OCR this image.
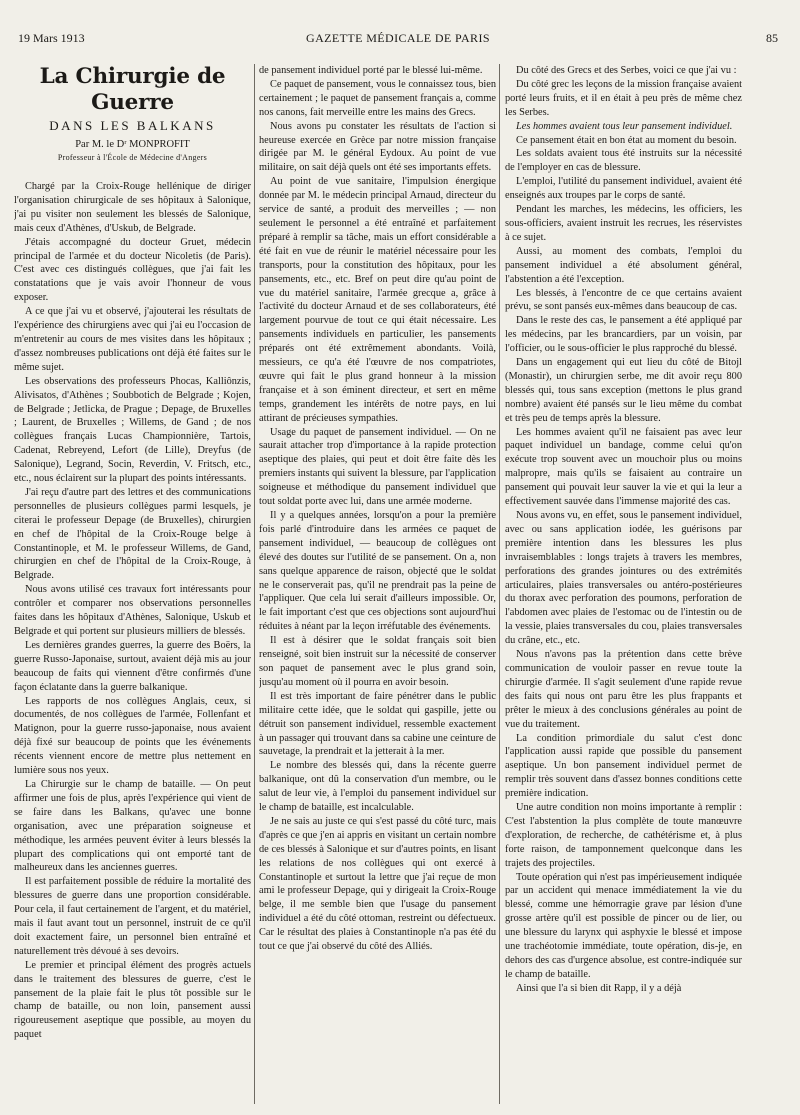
19 Mars 1913	GAZETTE MÉDICALE DE PARIS	85
La Chirurgie de Guerre
DANS LES BALKANS
Par M. le Dʳ MONPROFIT
Professeur à l'École de Médecine d'Angers

Chargé par la Croix-Rouge hellénique de diriger l'organisation chirurgicale de ses hôpitaux à Salonique, j'ai pu visiter non seulement les blessés de Salonique, mais ceux d'Athènes, d'Uskub, de Belgrade.

J'étais accompagné du docteur Gruet, médecin principal de l'armée et du docteur Nicoletis (de Paris). C'est avec ces distingués collègues, que j'ai fait les constatations que je vais avoir l'honneur de vous exposer.

A ce que j'ai vu et observé, j'ajouterai les résultats de l'expérience des chirurgiens avec qui j'ai eu l'occasion de m'entretenir au cours de mes visites dans les hôpitaux ; d'assez nombreuses publications ont déjà été faites sur le même sujet.

Les observations des professeurs Phocas, Kalliônzis, Alivisatos, d'Athènes ; Soubbotich de Belgrade ; Kojen, de Belgrade ; Jetlicka, de Prague ; Depage, de Bruxelles ; Laurent, de Bruxelles ; Willems, de Gand ; de nos collègues français Lucas Championnière, Tartois, Cadenat, Rebreyend, Lefort (de Lille), Dreyfus (de Salonique), Legrand, Socin, Reverdin, V. Fritsch, etc., etc., nous éclairent sur la plupart des points intéressants.

J'ai reçu d'autre part des lettres et des communications personnelles de plusieurs collègues parmi lesquels, je citerai le professeur Depage (de Bruxelles), chirurgien en chef de l'hôpital de la Croix-Rouge belge à Constantinople, et M. le professeur Willems, de Gand, chirurgien en chef de l'hôpital de la Croix-Rouge, à Belgrade.

Nous avons utilisé ces travaux fort intéressants pour contrôler et comparer nos observations personnelles faites dans les hôpitaux d'Athènes, Salonique, Uskub et Belgrade et qui portent sur plusieurs milliers de blessés.

Les dernières grandes guerres, la guerre des Boërs, la guerre Russo-Japonaise, surtout, avaient déjà mis au jour beaucoup de faits qui viennent d'être confirmés d'une façon éclatante dans la guerre balkanique.

Les rapports de nos collègues Anglais, ceux, si documentés, de nos collègues de l'armée, Follenfant et Matignon, pour la guerre russo-japonaise, nous avaient déjà fixé sur beaucoup de points que les événements récents viennent encore de mettre plus nettement en lumière sous nos yeux.

La Chirurgie sur le champ de bataille. — On peut affirmer une fois de plus, après l'expérience qui vient de se faire dans les Balkans, qu'avec une bonne organisation, avec une préparation soigneuse et méthodique, les armées peuvent éviter à leurs blessés la plupart des complications qui ont emporté tant de malheureux dans les anciennes guerres.

Il est parfaitement possible de réduire la mortalité des blessures de guerre dans une proportion considérable. Pour cela, il faut certainement de l'argent, et du matériel, mais il faut avant tout un personnel, instruit de ce qu'il doit exactement faire, un personnel bien entraîné et naturellement très dévoué à ses devoirs.

Le premier et principal élément des progrès actuels dans le traitement des blessures de guerre, c'est le pansement de la plaie fait le plus tôt possible sur le champ de bataille, ou non loin, pansement aussi rigoureusement aseptique que possible, au moyen du paquet

de pansement individuel porté par le blessé lui-même.

Ce paquet de pansement, vous le connaissez tous, bien certainement ; le paquet de pansement français a, comme nos canons, fait merveille entre les mains des Grecs.

Nous avons pu constater les résultats de l'action si heureuse exercée en Grèce par notre mission française dirigée par M. le général Eydoux. Au point de vue militaire, on sait déjà quels ont été ses importants effets.

Au point de vue sanitaire, l'impulsion énergique donnée par M. le médecin principal Arnaud, directeur du service de santé, a produit des merveilles ; — non seulement le personnel a été entraîné et parfaitement préparé à remplir sa tâche, mais un effort considérable a été fait en vue de réunir le matériel nécessaire pour les transports, pour la constitution des hôpitaux, pour les pansements, etc., etc. Bref on peut dire qu'au point de vue du matériel sanitaire, l'armée grecque a, grâce à l'activité du docteur Arnaud et de ses collaborateurs, été largement pourvue de tout ce qui était nécessaire. Les pansements individuels en particulier, les pansements préparés ont été extrêmement abondants. Voilà, messieurs, ce qu'a été l'œuvre de nos compatriotes, œuvre qui fait le plus grand honneur à la mission française et à son éminent directeur, et sert en même temps, grandement les intérêts de notre pays, en lui attirant de précieuses sympathies.

Usage du paquet de pansement individuel. — On ne saurait attacher trop d'importance à la rapide protection aseptique des plaies, qui peut et doit être faite dès les premiers instants qui suivent la blessure, par l'application soigneuse et méthodique du pansement individuel que tout soldat porte avec lui, dans une armée moderne.

Il y a quelques années, lorsqu'on a pour la première fois parlé d'introduire dans les armées ce paquet de pansement individuel, — beaucoup de collègues ont élevé des doutes sur l'utilité de se pansement. On a, non sans quelque apparence de raison, objecté que le soldat ne le conserverait pas, qu'il ne prendrait pas la peine de l'appliquer. Que cela lui serait d'ailleurs impossible. Or, le fait important c'est que ces objections sont aujourd'hui réduites à néant par la leçon irréfutable des événements.

Il est à désirer que le soldat français soit bien renseigné, soit bien instruit sur la nécessité de conserver son paquet de pansement avec le plus grand soin, jusqu'au moment où il pourra en avoir besoin.

Il est très important de faire pénétrer dans le public militaire cette idée, que le soldat qui gaspille, jette ou détruit son pansement individuel, ressemble exactement à un passager qui trouvant dans sa cabine une ceinture de sauvetage, la prendrait et la jetterait à la mer.

Le nombre des blessés qui, dans la récente guerre balkanique, ont dû la conservation d'un membre, ou le salut de leur vie, à l'emploi du pansement individuel sur le champ de bataille, est incalculable.

Je ne sais au juste ce qui s'est passé du côté turc, mais d'après ce que j'en ai appris en visitant un certain nombre de ces blessés à Salonique et sur d'autres points, en lisant les relations de nos collègues qui ont exercé à Constantinople et surtout la lettre que j'ai reçue de mon ami le professeur Depage, qui y dirigeait la Croix-Rouge belge, il me semble bien que l'usage du pansement individuel a été du côté ottoman, restreint ou défectueux. Car le résultat des plaies à Constantinople n'a pas été du tout ce que j'ai observé du côté des Alliés.

Du côté des Grecs et des Serbes, voici ce que j'ai vu :

Du côté grec les leçons de la mission française avaient porté leurs fruits, et il en était à peu près de même chez les Serbes.

Les hommes avaient tous leur pansement individuel.

Ce pansement était en bon état au moment du besoin.

Les soldats avaient tous été instruits sur la nécessité de l'employer en cas de blessure.

L'emploi, l'utilité du pansement individuel, avaient été enseignés aux troupes par le corps de santé.

Pendant les marches, les médecins, les officiers, les sous-officiers, avaient instruit les recrues, les réservistes à ce sujet.

Aussi, au moment des combats, l'emploi du pansement individuel a été absolument général, l'abstention a été l'exception.

Les blessés, à l'encontre de ce que certains avaient prévu, se sont pansés eux-mêmes dans beaucoup de cas.

Dans le reste des cas, le pansement a été appliqué par les médecins, par les brancardiers, par un voisin, par l'officier, ou le sous-officier le plus rapproché du blessé.

Dans un engagement qui eut lieu du côté de Bitojl (Monastir), un chirurgien serbe, me dit avoir reçu 800 blessés qui, tous sans exception (mettons le plus grand nombre) avaient été pansés sur le lieu même du combat et très peu de temps après la blessure.

Les hommes avaient qu'il ne faisaient pas avec leur paquet individuel un bandage, comme celui qu'on exécute trop souvent avec un mouchoir plus ou moins malpropre, mais qu'ils se faisaient au contraire un pansement qui pouvait leur sauver la vie et qui la leur a effectivement sauvée dans l'immense majorité des cas.

Nous avons vu, en effet, sous le pansement individuel, avec ou sans application iodée, les guérisons par première intention dans les blessures les plus invraisemblables : longs trajets à travers les membres, perforations des grandes jointures ou des extrémités articulaires, plaies transversales ou antéro-postérieures du thorax avec perforation des poumons, perforation de l'abdomen avec plaies de l'estomac ou de l'intestin ou de la vessie, plaies transversales du cou, plaies transversales du crâne, etc., etc.

Nous n'avons pas la prétention dans cette brève communication de vouloir passer en revue toute la chirurgie d'armée. Il s'agit seulement d'une rapide revue des faits qui nous ont paru être les plus frappants et prêter le mieux à des conclusions générales au point de vue du traitement.

La condition primordiale du salut c'est donc l'application aussi rapide que possible du pansement aseptique. Un bon pansement individuel permet de remplir très souvent dans d'assez bonnes conditions cette première indication.

Une autre condition non moins importante à remplir : C'est l'abstention la plus complète de toute manœuvre d'exploration, de recherche, de cathétérisme et, à plus forte raison, de tamponnement quelconque dans les trajets des projectiles.

Toute opération qui n'est pas impérieusement indiquée par un accident qui menace immédiatement la vie du blessé, comme une hémorragie grave par lésion d'une grosse artère qu'il est possible de pincer ou de lier, ou une blessure du larynx qui asphyxie le blessé et impose une trachéotomie immédiate, toute opération, dis-je, en dehors des cas d'urgence absolue, est contre-indiquée sur le champ de bataille.

Ainsi que l'a si bien dit Rapp, il y a déjà
